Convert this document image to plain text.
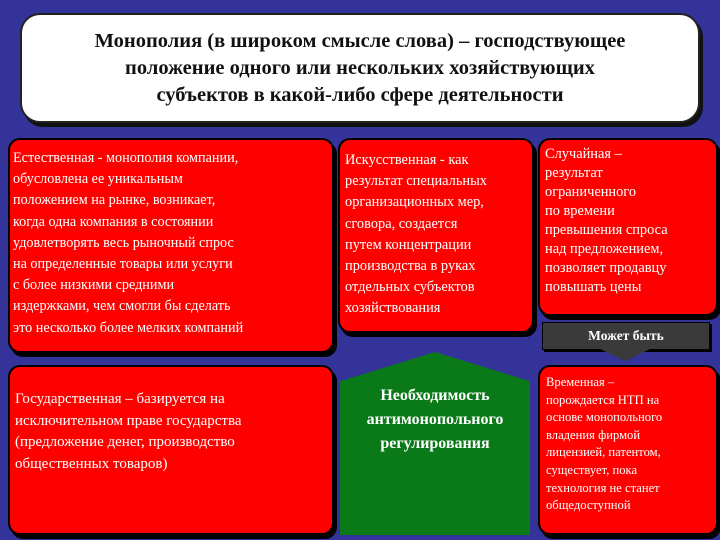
Монополия (в широком смысле слова) – господствующее
положение одного или нескольких хозяйствующих
субъектов в какой-либо сфере деятельности
Естественная - монополия компании,
обусловлена ее уникальным
положением на рынке, возникает,
когда одна компания в состоянии
удовлетворять весь рыночный спрос
на определенные товары или услуги
с более низкими средними
издержками, чем смогли бы сделать
это несколько более мелких компаний
Искусственная - как
результат специальных
организационных мер,
сговора, создается
путем концентрации
производства в руках
отдельных субъектов
хозяйствования
Случайная –
результат
ограниченного
по времени
превышения спроса
над предложением,
позволяет продавцу
повышать цены
Может быть
Государственная – базируется на
исключительном праве государства
(предложение денег, производство
общественных товаров)
Необходимость
антимонопольного
регулирования
Временная –
порождается НТП на
основе монопольного
владения фирмой
лицензией, патентом,
существует, пока
технология не станет
общедоступной
